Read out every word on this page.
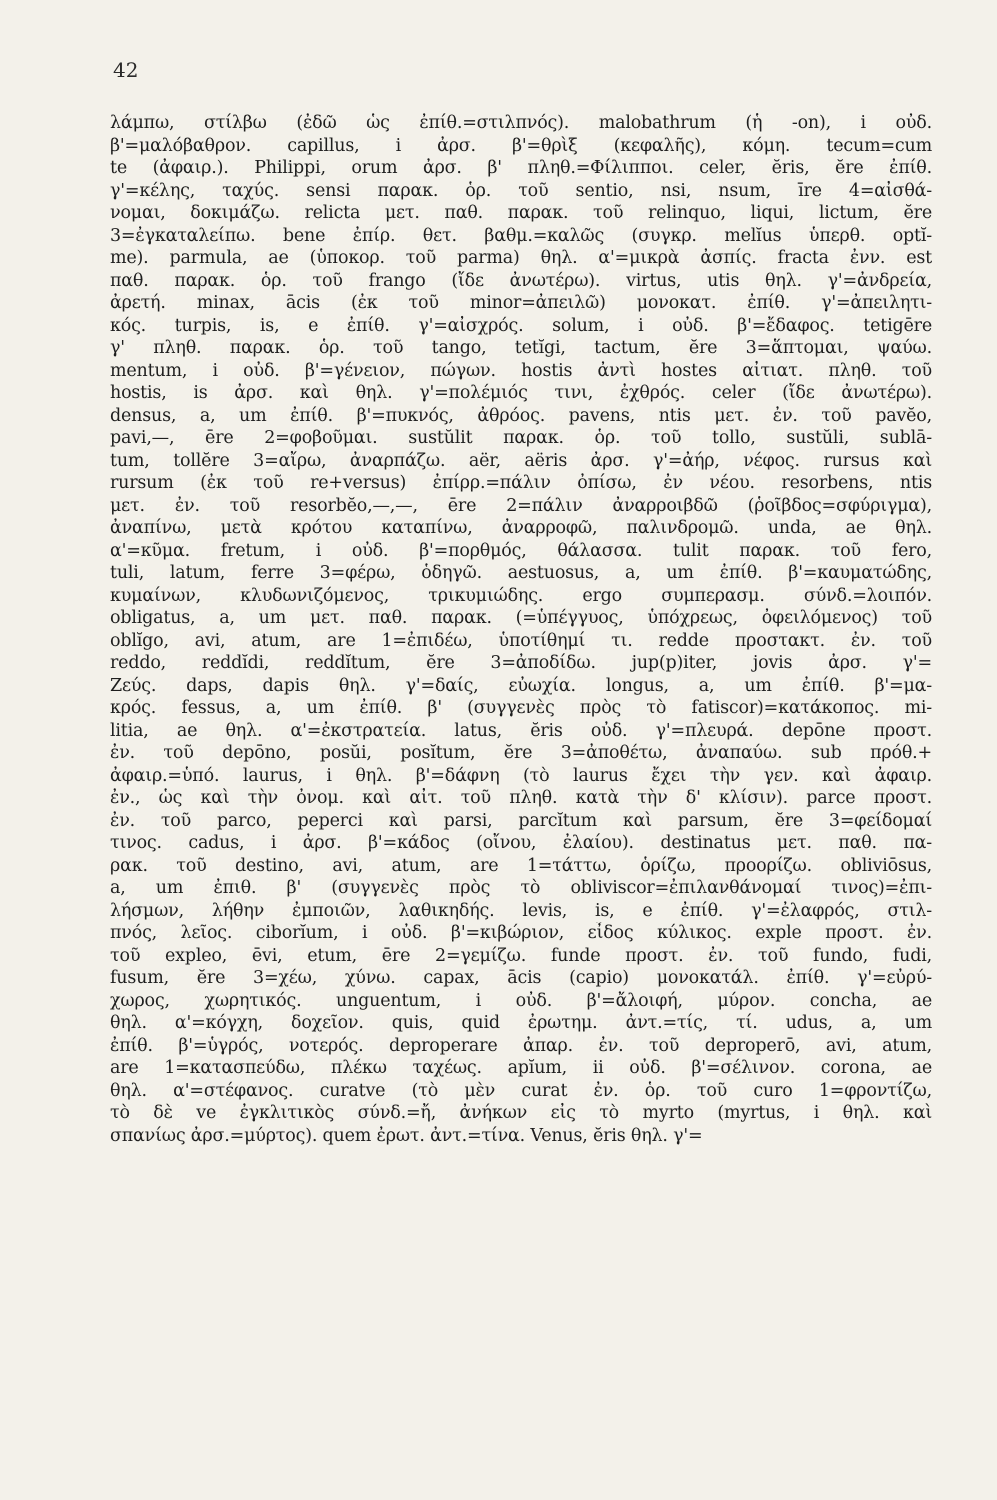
42
λάμπω, στίλβω (ἐδῶ ὡς ἐπίθ.=στιλπνός). malobathrum (ἡ -on), i οὐδ.
β'=μαλόβαθρον. capillus, i ἀρσ. β'=θρὶξ (κεφαλῆς), κόμη. tecum=cum
te (ἀφαιρ.). Philippi, orum ἀρσ. β' πληθ.=Φίλιπποι. celer, ĕris, ĕre ἐπίθ.
γ'=κέλης, ταχύς. sensi παρακ. ὁρ. τοῦ sentio, nsi, nsum, īre 4=αἰσθά-
νομαι, δοκιμάζω. relicta μετ. παθ. παρακ. τοῦ relinquo, liqui, lictum, ĕre
3=ἐγκαταλείπω. bene ἐπίρ. θετ. βαθμ.=καλῶς (συγκρ. melĭus ὑπερθ. optĭ-
me). parmula, ae (ὑποκορ. τοῦ parma) θηλ. α'=μικρὰ ἀσπίς. fracta ἐνν. est
παθ. παρακ. ὁρ. τοῦ frango (ἴδε ἀνωτέρω). virtus, utis θηλ. γ'=ἀνδρεία,
ἀρετή. minax, ācis (ἐκ τοῦ minor=ἀπειλῶ) μονοκατ. ἐπίθ. γ'=ἀπειλητι-
κός. turpis, is, e ἐπίθ. γ'=αἰσχρός. solum, i οὐδ. β'=ἔδαφος. tetigēre
γ' πληθ. παρακ. ὁρ. τοῦ tango, tetĭgi, tactum, ĕre 3=ἅπτομαι, ψαύω.
mentum, i οὐδ. β'=γένειον, πώγων. hostis ἀντὶ hostes αἰτιατ. πληθ. τοῦ
hostis, is ἀρσ. καὶ θηλ. γ'=πολέμιός τινι, ἐχθρός. celer (ἴδε ἀνωτέρω).
densus, a, um ἐπίθ. β'=πυκνός, ἀθρόος. pavens, ntis μετ. ἐν. τοῦ pavĕo,
pavi,—, ēre 2=φοβοῦμαι. sustŭlit παρακ. ὁρ. τοῦ tollo, sustŭli, sublā-
tum, tollĕre 3=αἴρω, ἀναρπάζω. aër, aëris ἀρσ. γ'=ἀήρ, νέφος. rursus καὶ
rursum (ἐκ τοῦ re+versus) ἐπίρρ.=πάλιν ὀπίσω, ἐν νέου. resorbens, ntis
μετ. ἐν. τοῦ resorbĕo,—,—, ēre 2=πάλιν ἀναρροιβδῶ (ῥοῖβδος=σφύριγμα),
ἀναπίνω, μετὰ κρότου καταπίνω, ἀναρροφῶ, παλινδρομῶ. unda, ae θηλ.
α'=κῦμα. fretum, i οὐδ. β'=πορθμός, θάλασσα. tulit παρακ. τοῦ fero,
tuli, latum, ferre 3=φέρω, ὁδηγῶ. aestuosus, a, um ἐπίθ. β'=καυματώδης,
κυμαίνων, κλυδωνιζόμενος, τρικυμιώδης. ergo συμπερασμ. σύνδ.=λοιπόν.
obligatus, a, um μετ. παθ. παρακ. (=ὑπέγγυος, ὑπόχρεως, ὀφειλόμενος) τοῦ
oblĭgo, avi, atum, are 1=ἐπιδέω, ὑποτίθημί τι. redde προστακτ. ἐν. τοῦ
reddo, reddĭdi, reddĭtum, ĕre 3=ἀποδίδω. jup(p)iter, jovis ἀρσ. γ'=
Ζεύς. daps, dapis θηλ. γ'=δαίς, εὐωχία. longus, a, um ἐπίθ. β'=μα-
κρός. fessus, a, um ἐπίθ. β' (συγγενὲς πρὸς τὸ fatiscor)=κατάκοπος. mi-
litia, ae θηλ. α'=ἐκστρατεία. latus, ĕris οὐδ. γ'=πλευρά. depōne προστ.
ἐν. τοῦ depōno, posŭi, posĭtum, ĕre 3=ἀποθέτω, ἀναπαύω. sub πρόθ.+
ἀφαιρ.=ὑπό. laurus, i θηλ. β'=δάφνη (τὸ laurus ἔχει τὴν γεν. καὶ ἀφαιρ.
ἐν., ὡς καὶ τὴν ὀνομ. καὶ αἰτ. τοῦ πληθ. κατὰ τὴν δ' κλίσιν). parce προστ.
ἐν. τοῦ parco, peperci καὶ parsi, parcĭtum καὶ parsum, ĕre 3=φείδομαί
τινος. cadus, i ἀρσ. β'=κάδος (οἴνου, ἐλαίου). destinatus μετ. παθ. πα-
ρακ. τοῦ destino, avi, atum, are 1=τάττω, ὁρίζω, προορίζω. obliviōsus,
a, um ἐπιθ. β' (συγγενὲς πρὸς τὸ obliviscor=ἐπιλανθάνομαί τινος)=ἐπι-
λήσμων, λήθην ἐμποιῶν, λαθικηδής. levis, is, e ἐπίθ. γ'=ἐλαφρός, στιλ-
πνός, λεῖος. ciborĭum, i οὐδ. β'=κιβώριον, εἶδος κύλικος. exple προστ. ἐν.
τοῦ expleo, ēvi, etum, ēre 2=γεμίζω. funde προστ. ἐν. τοῦ fundo, fudi,
fusum, ĕre 3=χέω, χύνω. capax, ācis (capio) μονοκατάλ. ἐπίθ. γ'=εὐρύ-
χωρος, χωρητικός. unguentum, i οὐδ. β'=ἄλοιφή, μύρον. concha, ae
θηλ. α'=κόγχη, δοχεῖον. quis, quid ἐρωτημ. ἀντ.=τίς, τί. udus, a, um
ἐπίθ. β'=ὑγρός, νοτερός. deproperare ἀπαρ. ἐν. τοῦ deproperō, avi, atum,
are 1=κατασπεύδω, πλέκω ταχέως. apĭum, ii οὐδ. β'=σέλινον. corona, ae
θηλ. α'=στέφανος. curatve (τὸ μὲν curat ἐν. ὁρ. τοῦ curo 1=φροντίζω,
τὸ δὲ ve ἐγκλιτικὸς σύνδ.=ἤ, ἀνήκων εἰς τὸ myrto (myrtus, i θηλ. καὶ
σπανίως ἀρσ.=μύρτος). quem ἐρωτ. ἀντ.=τίνα. Venus, ĕris θηλ. γ'=
